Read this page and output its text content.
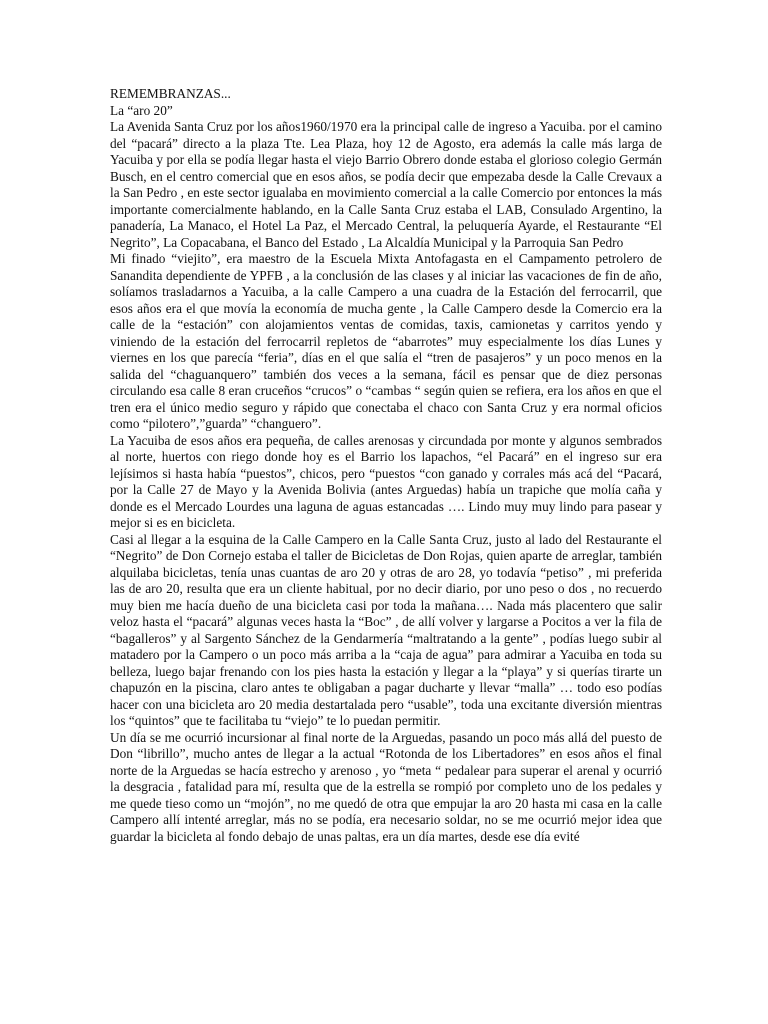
REMEMBRANZAS...

La “aro 20”

La Avenida Santa Cruz por los años1960/1970 era la principal calle de ingreso a Yacuiba. por el camino del “pacará” directo a la plaza Tte. Lea Plaza, hoy 12 de Agosto, era además la calle más larga de Yacuiba y por ella se podía llegar hasta el viejo Barrio Obrero donde estaba el glorioso colegio Germán Busch, en el centro comercial que en esos años, se podía decir que empezaba desde la Calle Crevaux a la San Pedro , en este sector igualaba en movimiento comercial a la calle Comercio por entonces la más importante comercialmente hablando, en la Calle Santa Cruz estaba el LAB, Consulado Argentino, la panadería, La Manaco, el Hotel La Paz, el Mercado Central, la peluquería Ayarde, el Restaurante “El Negrito”, La Copacabana, el Banco del Estado , La Alcaldía Municipal y la Parroquia San Pedro

Mi finado “viejito”, era maestro de la Escuela Mixta Antofagasta en el Campamento petrolero de Sanandita dependiente de YPFB , a la conclusión de las clases y al iniciar las vacaciones de fin de año, solíamos trasladarnos a Yacuiba, a la calle Campero a una cuadra de la Estación del ferrocarril, que esos años era el que movía la economía de mucha gente , la Calle Campero desde la Comercio era la calle de la “estación” con alojamientos ventas de comidas, taxis, camionetas y carritos yendo y viniendo de la estación del ferrocarril repletos de “abarrotes” muy especialmente los días Lunes y viernes en los que parecía “feria”, días en el que salía el “tren de pasajeros” y un poco menos en la salida del “chaguanquero” también dos veces a la semana, fácil es pensar que de diez personas circulando esa calle 8 eran cruceños “crucos” o “cambas “ según quien se refiera, era los años en que el tren era el único medio seguro y rápido que conectaba el chaco con Santa Cruz y era normal oficios como “pilotero”,”guarda” “changuero”.

La Yacuiba de esos años era pequeña, de calles arenosas y circundada por monte y algunos sembrados al norte, huertos con riego donde hoy es el Barrio los lapachos, “el Pacará” en el ingreso sur era lejísimos si hasta había “puestos”, chicos, pero “puestos “con ganado y corrales más acá del “Pacará, por la Calle 27 de Mayo y la Avenida Bolivia (antes Arguedas) había un trapiche que molía caña y donde es el Mercado Lourdes una laguna de aguas estancadas …. Lindo muy muy lindo para pasear y mejor si es en bicicleta.

Casi al llegar a la esquina de la Calle Campero en la Calle Santa Cruz, justo al lado del Restaurante el “Negrito” de Don Cornejo estaba el taller de Bicicletas de Don Rojas, quien aparte de arreglar, también alquilaba bicicletas, tenía unas cuantas de aro 20 y otras de aro 28, yo todavía “petiso” , mi preferida las de aro 20, resulta que era un cliente habitual, por no decir diario, por uno peso o dos , no recuerdo muy bien me hacía dueño de una bicicleta casi por toda la mañana…. Nada más placentero que salir veloz hasta el “pacará” algunas veces hasta la “Boc” , de allí volver y largarse a Pocitos a ver la fila de “bagalleros” y al Sargento Sánchez de la Gendarmería “maltratando a la gente” , podías luego subir al matadero por la Campero o un poco más arriba a la “caja de agua” para admirar a Yacuiba en toda su belleza, luego bajar frenando con los pies hasta la estación y llegar a la “playa” y si querías tirarte un chapuzón en la piscina, claro antes te obligaban a pagar ducharte y llevar “malla” … todo eso podías hacer con una bicicleta aro 20 media destartalada pero “usable”, toda una excitante diversión mientras los “quintos” que te facilitaba tu “viejo” te lo puedan permitir.

Un día se me ocurrió incursionar al final norte de la Arguedas, pasando un poco más allá del puesto de Don “librillo”, mucho antes de llegar a la actual “Rotonda de los Libertadores” en esos años el final norte de la Arguedas se hacía estrecho y arenoso , yo “meta “ pedalear para superar el arenal y ocurrió la desgracia , fatalidad para mí, resulta que de la estrella se rompió por completo uno de los pedales y me quede tieso como un “mojón”, no me quedó de otra que empujar la aro 20 hasta mi casa en la calle Campero allí intenté arreglar, más no se podía, era necesario soldar, no se me ocurrió mejor idea que guardar la bicicleta al fondo debajo de unas paltas, era un día martes, desde ese día evité
